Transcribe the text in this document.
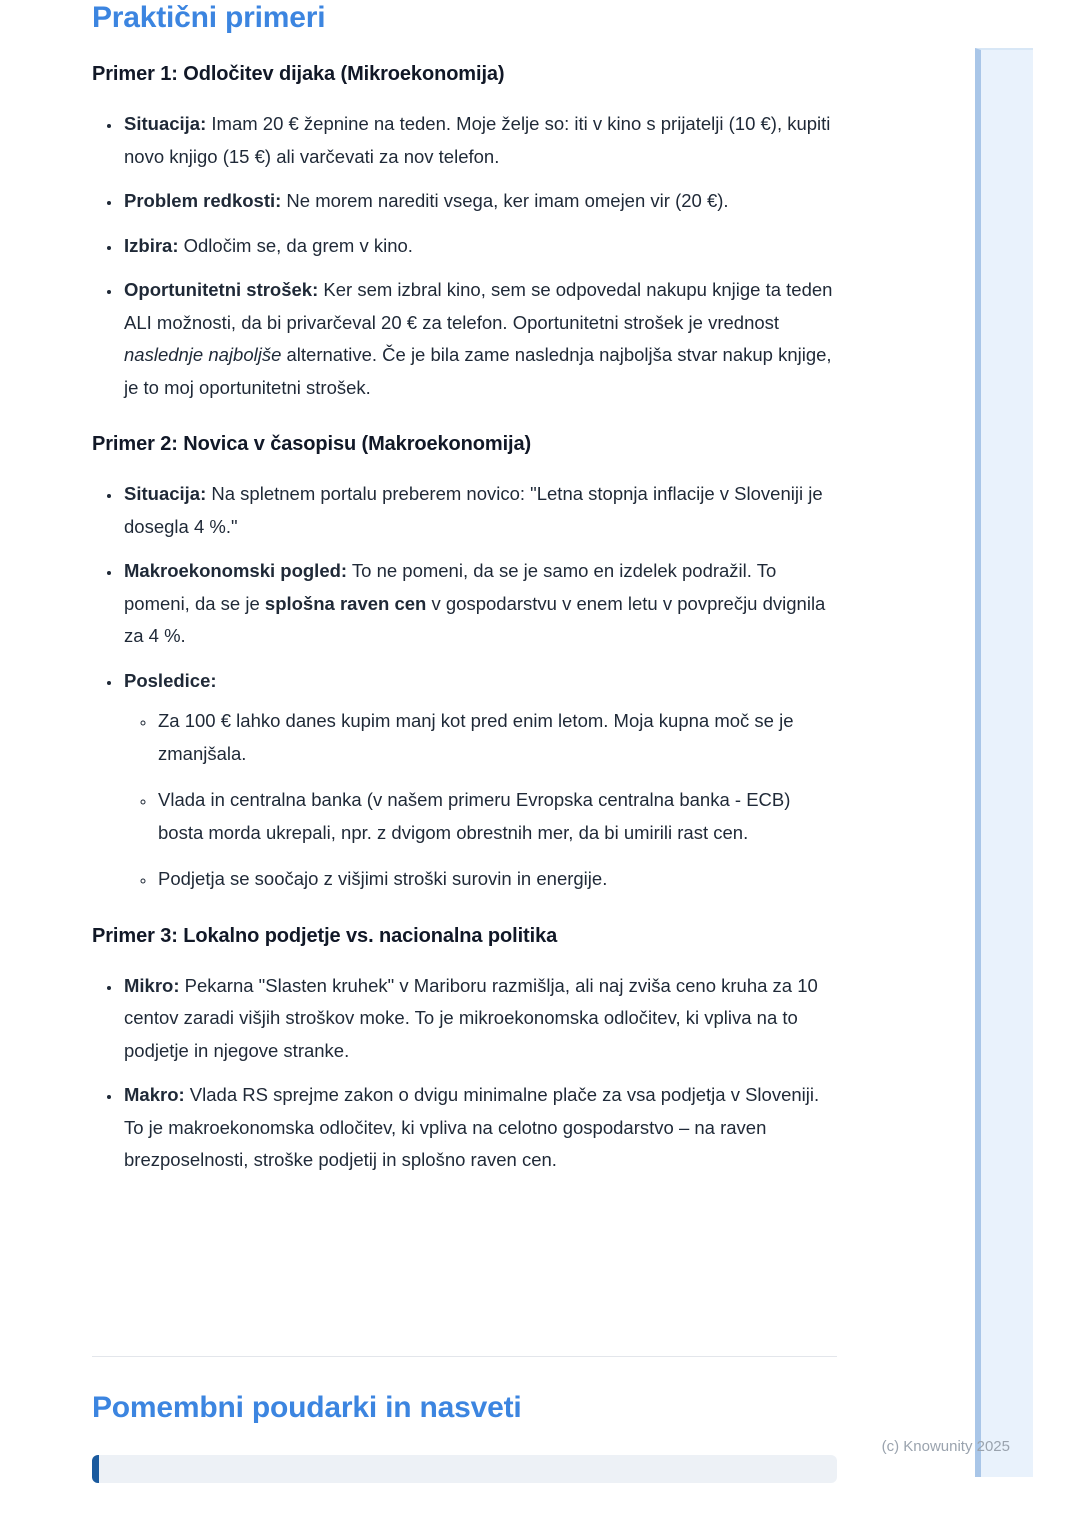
Praktični primeri
Primer 1: Odločitev dijaka (Mikroekonomija)
• Situacija: Imam 20 € žepnine na teden. Moje želje so: iti v kino s prijatelji (10 €), kupiti novo knjigo (15 €) ali varčevati za nov telefon.
• Problem redkosti: Ne morem narediti vsega, ker imam omejen vir (20 €).
• Izbira: Odločim se, da grem v kino.
• Oportunitetni strošek: Ker sem izbral kino, sem se odpovedal nakupu knjige ta teden ALI možnosti, da bi privarčeval 20 € za telefon. Oportunitetni strošek je vrednost naslednje najboljše alternative. Če je bila zame naslednja najboljša stvar nakup knjige, je to moj oportunitetni strošek.
Primer 2: Novica v časopisu (Makroekonomija)
• Situacija: Na spletnem portalu preberem novico: "Letna stopnja inflacije v Sloveniji je dosegla 4 %."
• Makroekonomski pogled: To ne pomeni, da se je samo en izdelek podražil. To pomeni, da se je splošna raven cen v gospodarstvu v enem letu v povprečju dvignila za 4 %.
• Posledice:
◦ Za 100 € lahko danes kupim manj kot pred enim letom. Moja kupna moč se je zmanjšala.
◦ Vlada in centralna banka (v našem primeru Evropska centralna banka - ECB) bosta morda ukrepali, npr. z dvigom obrestnih mer, da bi umirili rast cen.
◦ Podjetja se soočajo z višjimi stroški surovin in energije.
Primer 3: Lokalno podjetje vs. nacionalna politika
• Mikro: Pekarna "Slasten kruhek" v Mariboru razmišlja, ali naj zviša ceno kruha za 10 centov zaradi višjih stroškov moke. To je mikroekonomska odločitev, ki vpliva na to podjetje in njegove stranke.
• Makro: Vlada RS sprejme zakon o dvigu minimalne plače za vsa podjetja v Sloveniji. To je makroekonomska odločitev, ki vpliva na celotno gospodarstvo – na raven brezposelnosti, stroške podjetij in splošno raven cen.
Pomembni poudarki in nasveti
(c) Knowunity 2025
